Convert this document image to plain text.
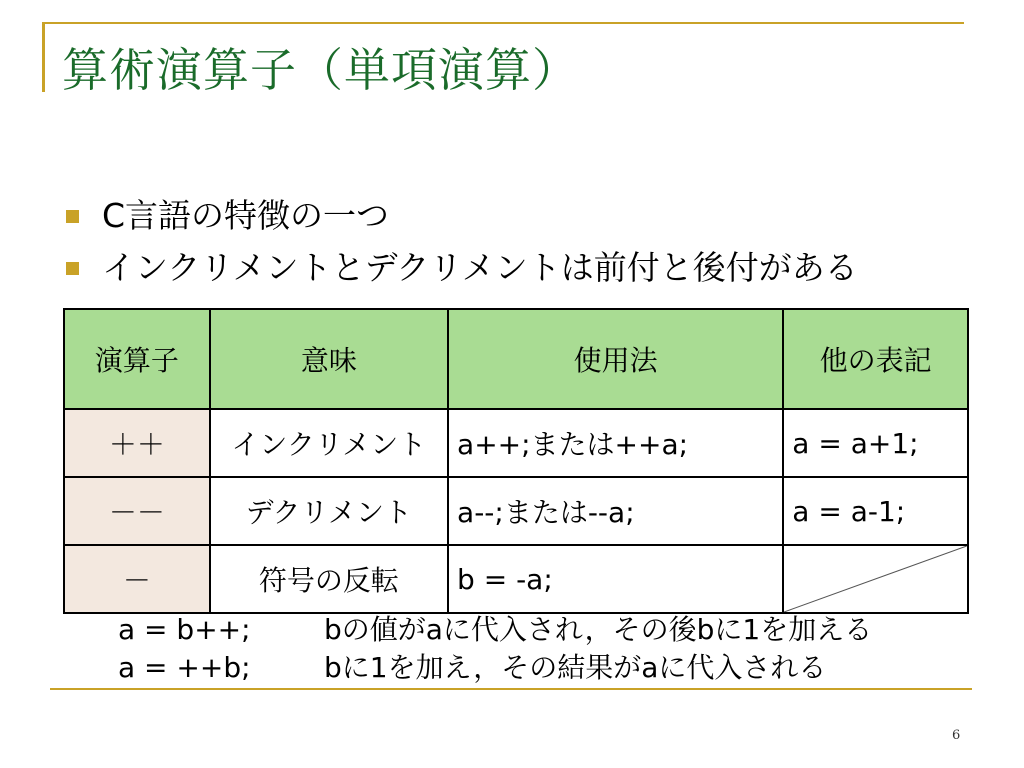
算術演算子（単項演算）
C言語の特徴の一つ
インクリメントとデクリメントは前付と後付がある
演算子	意味	使用法	他の表記
＋＋	インクリメント	a++;または++a;	a = a+1;
－－	デクリメント	a--;または--a;	a = a-1;
－	符号の反転	b = -a;	
a = b++;	bの値がaに代入され，その後bに1を加える
a = ++b;	bに1を加え，その結果がaに代入される
6
